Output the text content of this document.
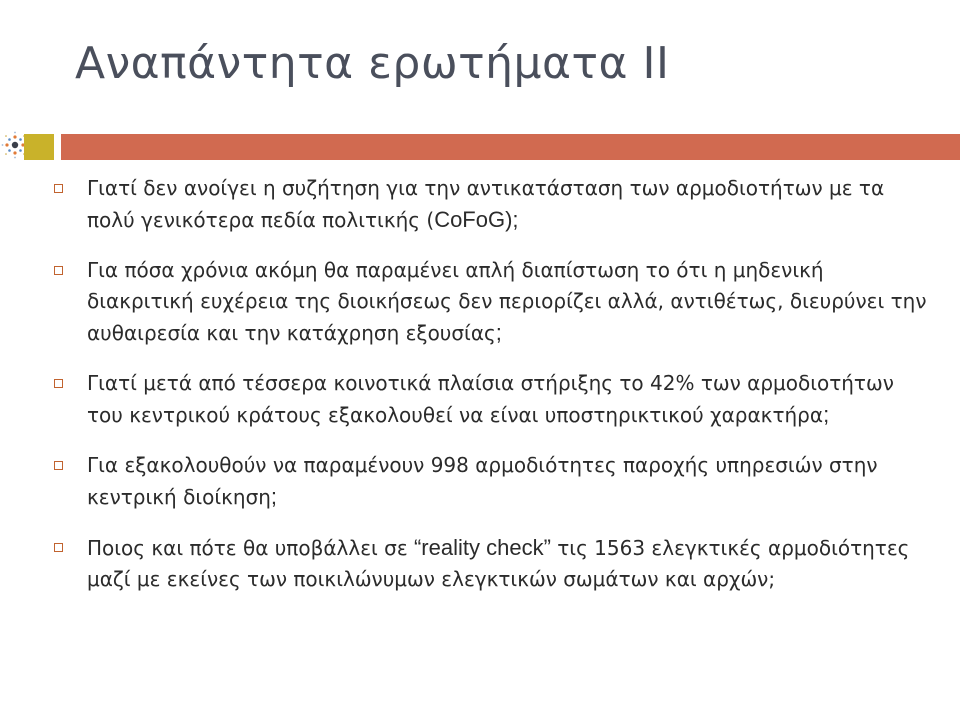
Αναπάντητα ερωτήματα ΙΙ
Γιατί δεν ανοίγει η συζήτηση για την αντικατάσταση των αρμοδιοτήτων με τα πολύ γενικότερα πεδία πολιτικής (CoFoG);
Για πόσα χρόνια ακόμη θα παραμένει απλή διαπίστωση το ότι η μηδενική διακριτική ευχέρεια της διοικήσεως δεν περιορίζει αλλά, αντιθέτως, διευρύνει την αυθαιρεσία και την κατάχρηση εξουσίας;
Γιατί μετά από τέσσερα κοινοτικά πλαίσια στήριξης το 42% των αρμοδιοτήτων του κεντρικού κράτους εξακολουθεί να είναι υποστηρικτικού χαρακτήρα;
Για εξακολουθούν να παραμένουν 998 αρμοδιότητες παροχής υπηρεσιών στην κεντρική διοίκηση;
Ποιος και πότε θα υποβάλλει σε “reality check” τις 1563 ελεγκτικές αρμοδιότητες μαζί με εκείνες των ποικιλώνυμων ελεγκτικών σωμάτων και αρχών;
